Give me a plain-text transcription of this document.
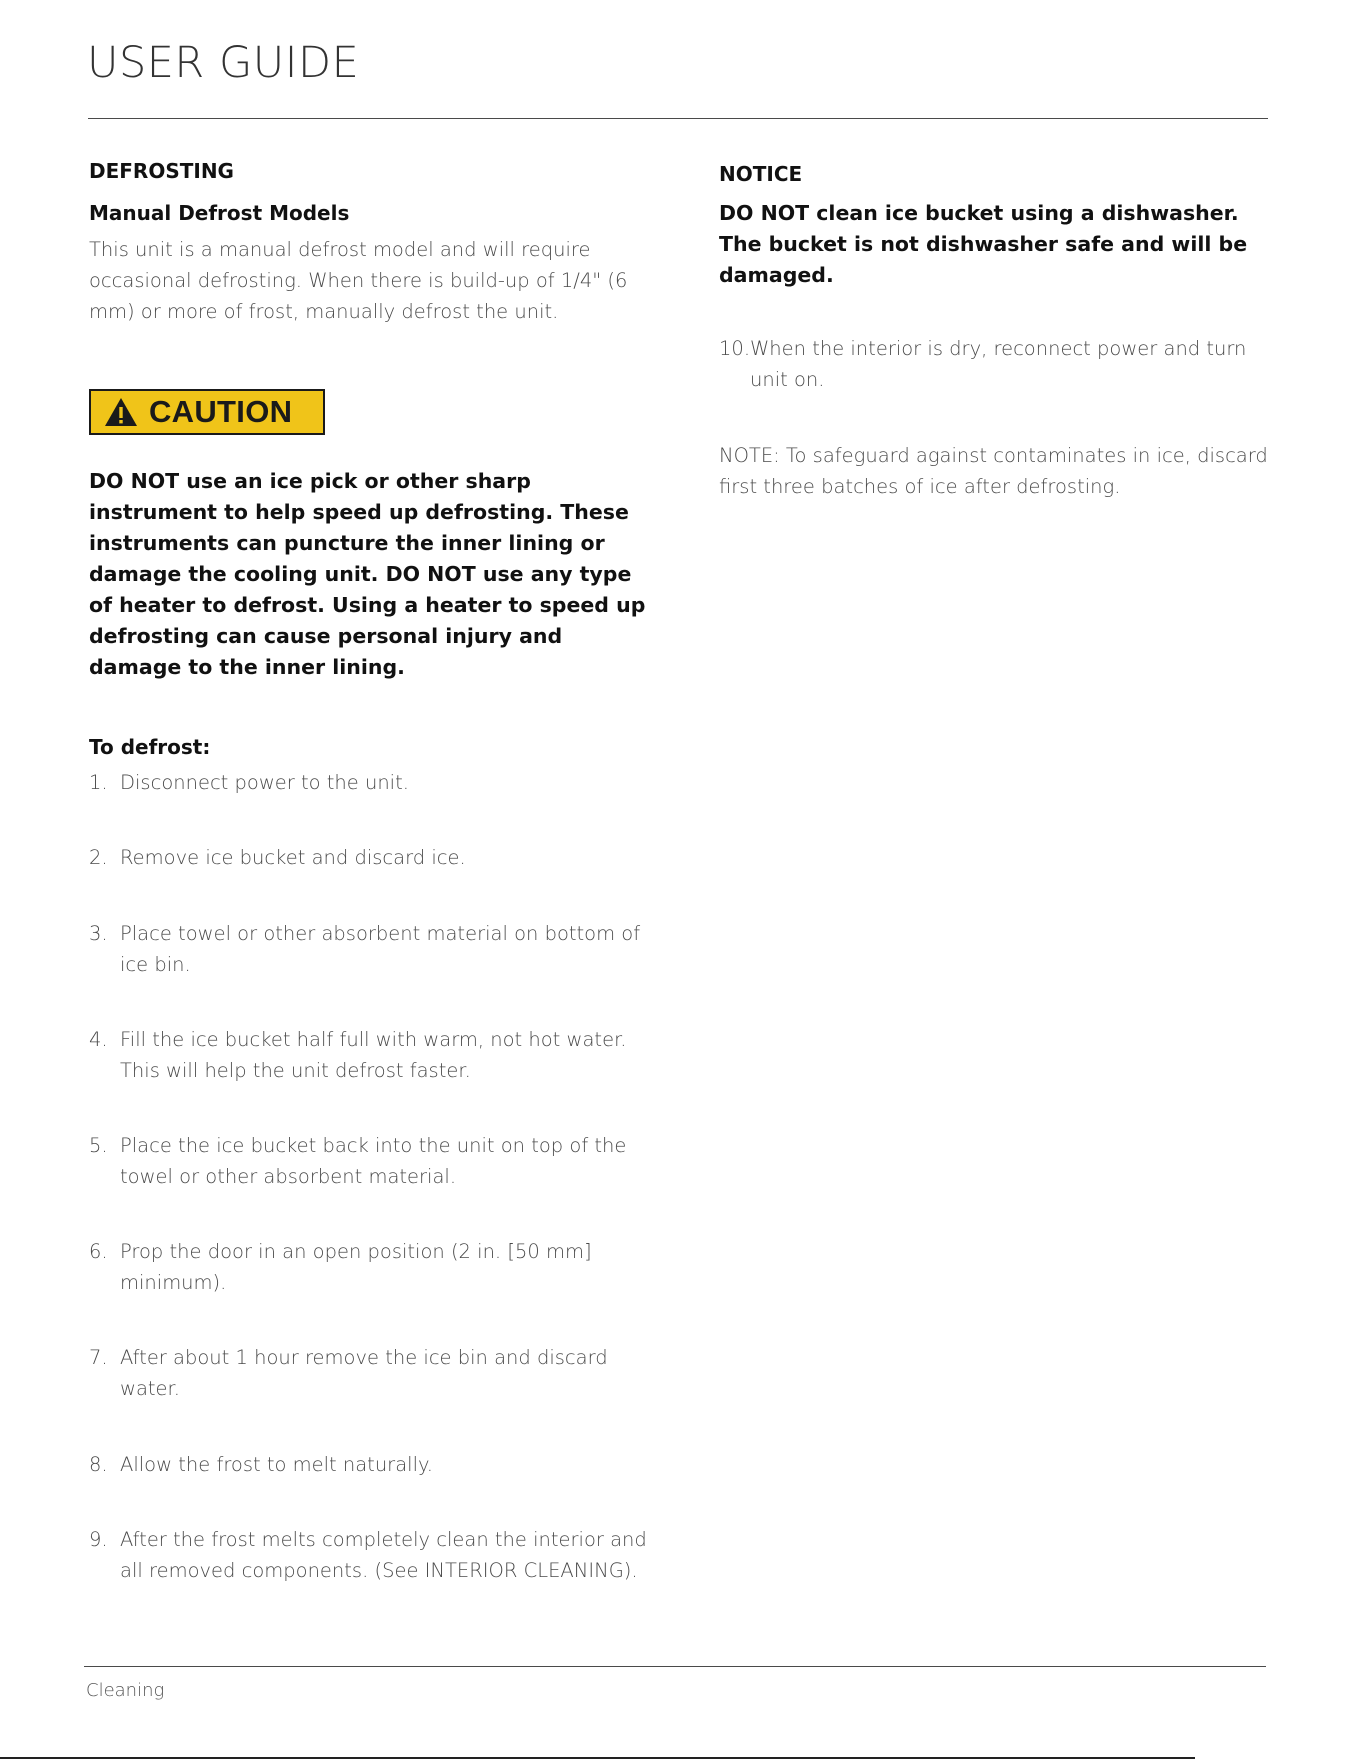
USER GUIDE
DEFROSTING
Manual Defrost Models

This unit is a manual defrost model and will require occasional defrosting. When there is build-up of 1/4" (6 mm) or more of frost, manually defrost the unit.

CAUTION

DO NOT use an ice pick or other sharp instrument to help speed up defrosting. These instruments can puncture the inner lining or damage the cooling unit. DO NOT use any type of heater to defrost. Using a heater to speed up defrosting can cause personal injury and damage to the inner lining.

To defrost:
1. Disconnect power to the unit.
2. Remove ice bucket and discard ice.
3. Place towel or other absorbent material on bottom of ice bin.
4. Fill the ice bucket half full with warm, not hot water. This will help the unit defrost faster.
5. Place the ice bucket back into the unit on top of the towel or other absorbent material.
6. Prop the door in an open position (2 in. [50 mm] minimum).
7. After about 1 hour remove the ice bin and discard water.
8. Allow the frost to melt naturally.
9. After the frost melts completely clean the interior and all removed components. (See INTERIOR CLEANING).
NOTICE

DO NOT clean ice bucket using a dishwasher. The bucket is not dishwasher safe and will be damaged.

10. When the interior is dry, reconnect power and turn unit on.

NOTE: To safeguard against contaminates in ice, discard first three batches of ice after defrosting.

Cleaning
